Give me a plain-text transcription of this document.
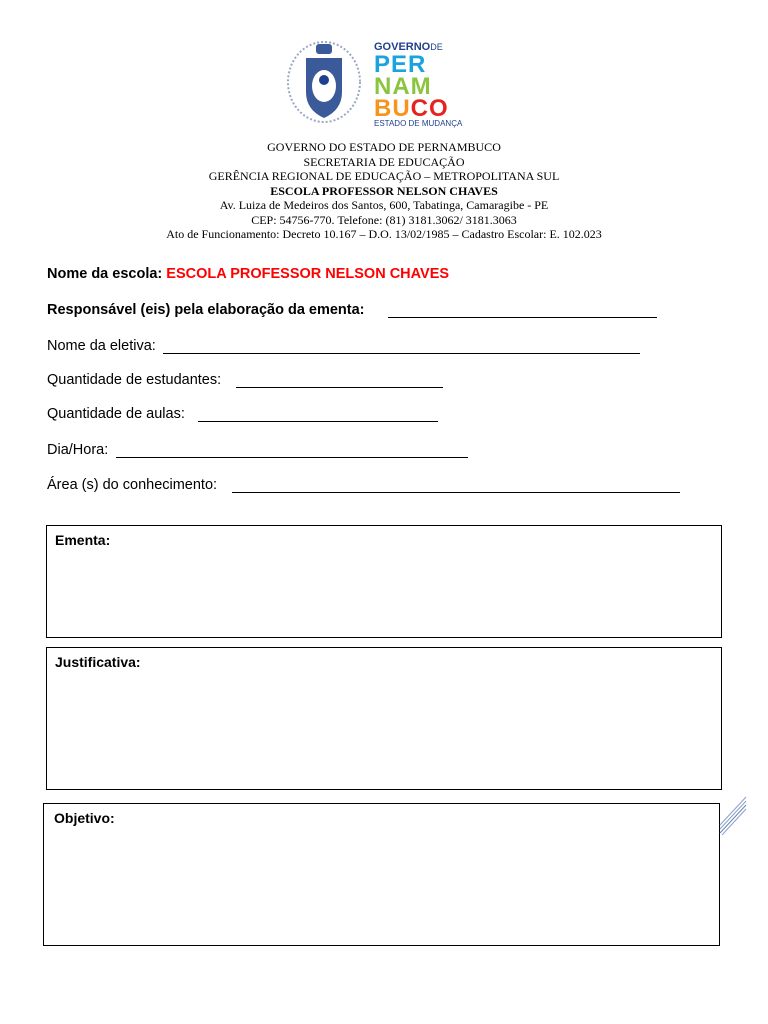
GOVERNODE
PER
NAM
BUCO
ESTADO DE MUDANÇA
GOVERNO DO ESTADO DE PERNAMBUCO
SECRETARIA DE EDUCAÇÃO
GERÊNCIA REGIONAL DE EDUCAÇÃO – METROPOLITANA SUL
ESCOLA PROFESSOR NELSON CHAVES
Av. Luiza de Medeiros dos Santos, 600, Tabatinga, Camaragibe - PE
CEP: 54756-770. Telefone: (81) 3181.3062/ 3181.3063
Ato de Funcionamento: Decreto 10.167 – D.O. 13/02/1985 – Cadastro Escolar: E. 102.023
Nome da escola: ESCOLA PROFESSOR NELSON CHAVES
Responsável (eis) pela elaboração da ementa:
Nome da eletiva:
Quantidade de estudantes:
Quantidade de aulas:
Dia/Hora:
Área (s) do conhecimento:
Ementa:
Justificativa:
Objetivo:
